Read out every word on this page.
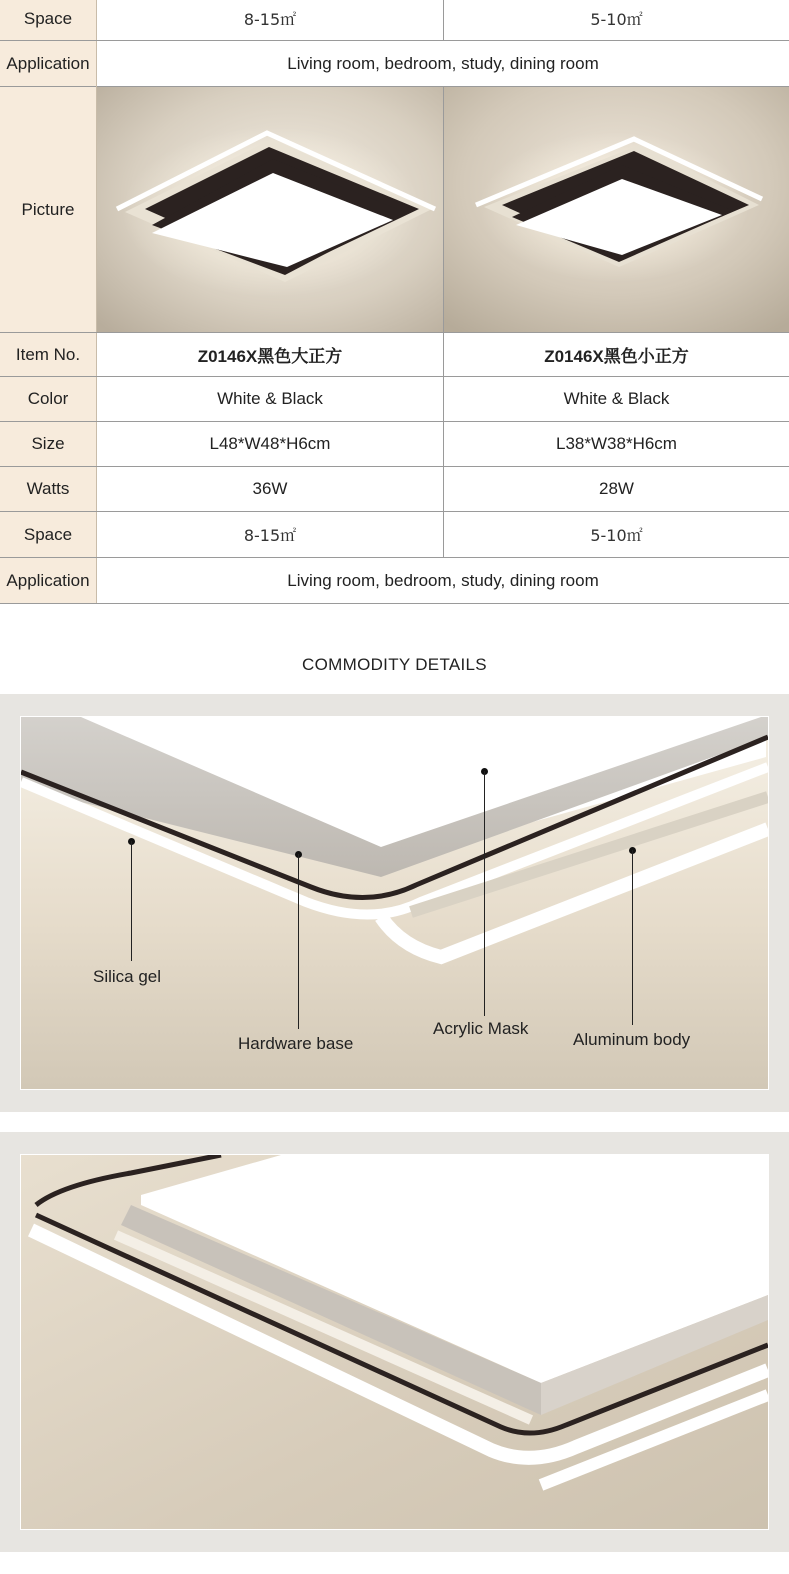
Space	8-15㎡	5-10㎡
Application	Living room, bedroom, study, dining room	
Picture	

Item No.	Z0146X黑色大正方	Z0146X黑色小正方
Color	White & Black	White & Black
Size	L48*W48*H6cm	L38*W38*H6cm
Watts	36W	28W
Space	8-15㎡	5-10㎡
Application	Living room, bedroom, study, dining room	
COMMODITY DETAILS
Silica gel
Hardware base
Acrylic Mask
Aluminum body
